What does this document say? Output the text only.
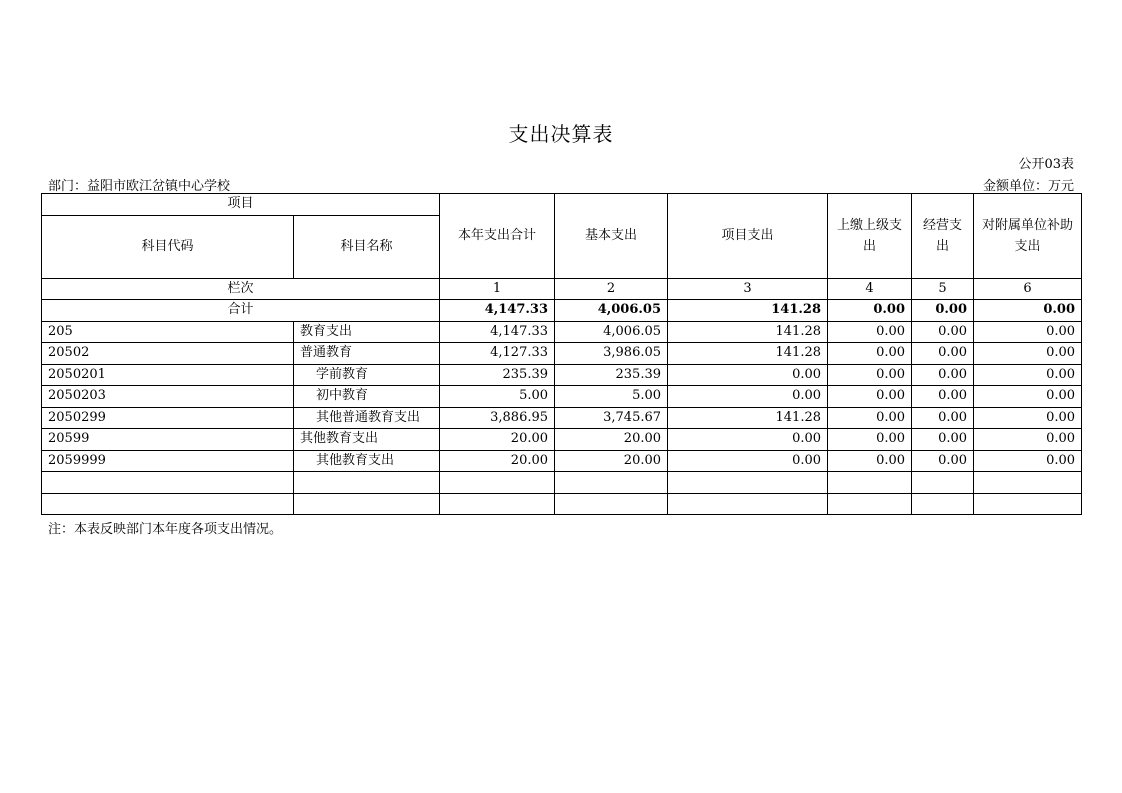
支出决算表
公开03表
部门：益阳市欧江岔镇中心学校	金额单位：万元
项目		本年支出合计	基本支出	项目支出	上缴上级支出	经营支出	对附属单位补助支出
科目代码	科目名称						
栏次		1	2	3	4	5	6
合计		4,147.33	4,006.05	141.28	0.00	0.00	0.00
205	教育支出	4,147.33	4,006.05	141.28	0.00	0.00	0.00
20502	普通教育	4,127.33	3,986.05	141.28	0.00	0.00	0.00
2050201	学前教育	235.39	235.39	0.00	0.00	0.00	0.00
2050203	初中教育	5.00	5.00	0.00	0.00	0.00	0.00
2050299	其他普通教育支出	3,886.95	3,745.67	141.28	0.00	0.00	0.00
20599	其他教育支出	20.00	20.00	0.00	0.00	0.00	0.00
2059999	其他教育支出	20.00	20.00	0.00	0.00	0.00	0.00

注：本表反映部门本年度各项支出情况。
